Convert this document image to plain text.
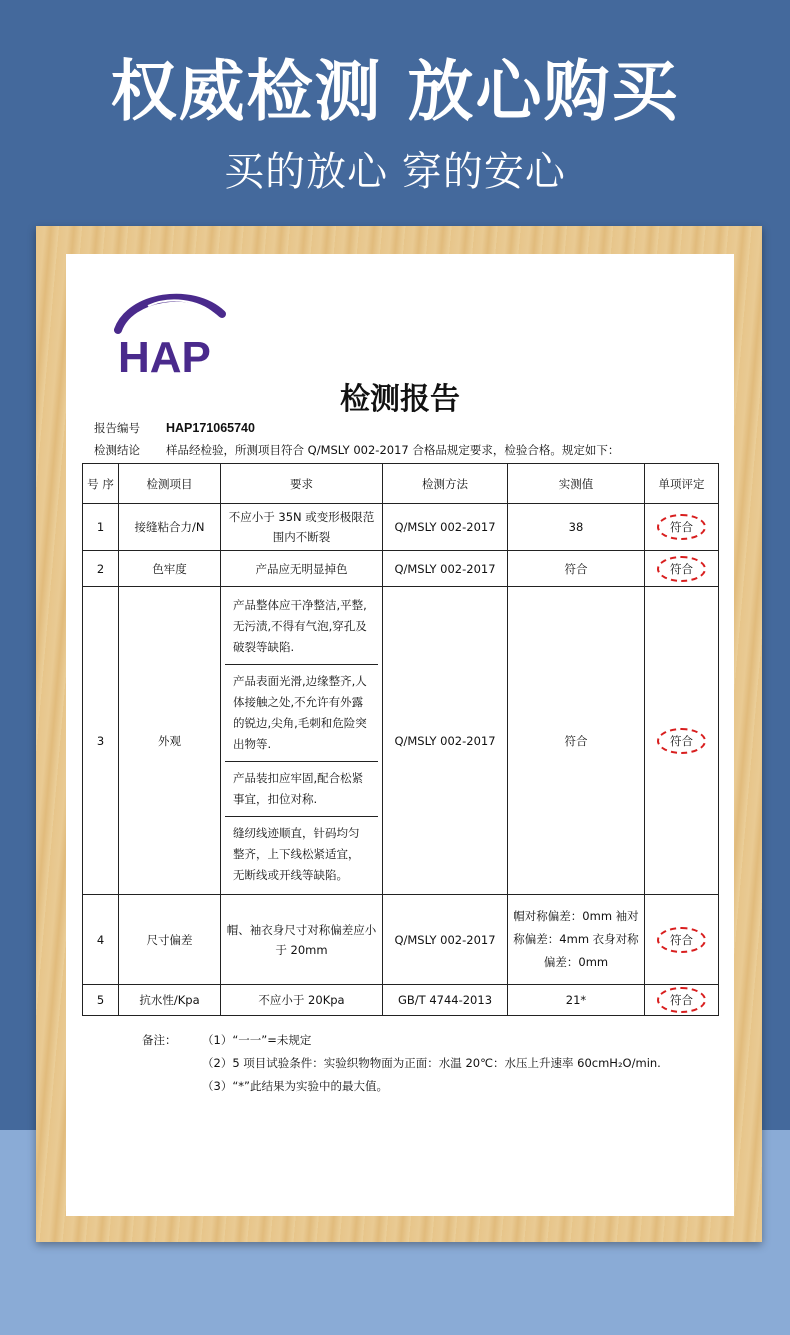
权威检测 放心购买
买的放心 穿的安心
HAP
检测报告
报告编号 HAP171065740
检测结论 样品经检验，所测项目符合 Q/MSLY 002-2017 合格品规定要求，检验合格。规定如下：
号 序	检测项目	要求	检测方法	实测值	单项评定
1	接缝粘合力/N	不应小于 35N 或变形极限范围内不断裂	Q/MSLY 002-2017	38	符合
2	色牢度	产品应无明显掉色	Q/MSLY 002-2017	符合	符合
3	外观	产品整体应干净整洁,平整,无污渍,不得有气泡,穿孔及破裂等缺陷.
产品表面光滑,边缘整齐,人体接触之处,不允许有外露的锐边,尖角,毛刺和危险突出物等.
产品装扣应牢固,配合松紧事宜，扣位对称.
缝纫线迹顺直，针码均匀整齐，上下线松紧适宜，无断线或开线等缺陷。	Q/MSLY 002-2017	符合	符合
4	尺寸偏差	帽、袖衣身尺寸对称偏差应小于 20mm	Q/MSLY 002-2017	帽对称偏差：0mm 袖对称偏差：4mm 衣身对称偏差：0mm	符合
5	抗水性/Kpa	不应小于 20Kpa	GB/T 4744-2013	21*	符合
备注： （1）“一一”=未规定
（2）5 项目试验条件：实验织物物面为正面：水温 20℃：水压上升速率 60cmH₂O/min.
（3）“*”此结果为实验中的最大值。
